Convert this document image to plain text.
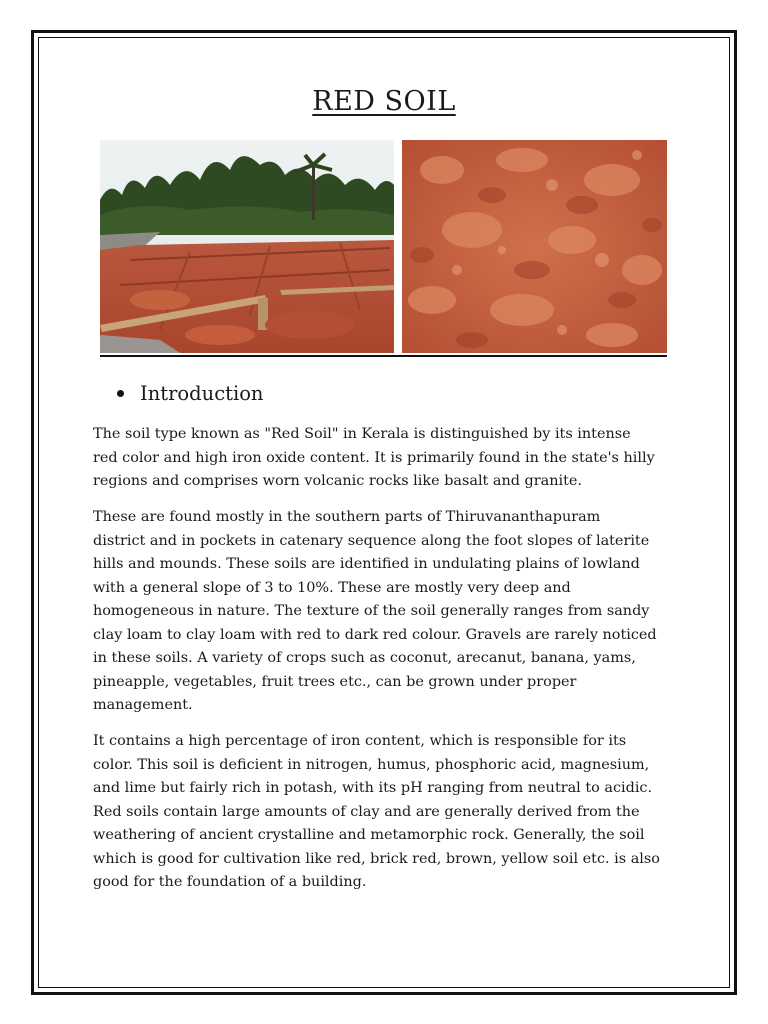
RED SOIL
Introduction

The soil type known as "Red Soil" in Kerala is distinguished by its intense
red color and high iron oxide content. It is primarily found in the state's hilly
regions and comprises worn volcanic rocks like basalt and granite.

These are found mostly in the southern parts of Thiruvananthapuram
district and in pockets in catenary sequence along the foot slopes of laterite
hills and mounds. These soils are identified in undulating plains of lowland
with a general slope of 3 to 10%. These are mostly very deep and
homogeneous in nature. The texture of the soil generally ranges from sandy
clay loam to clay loam with red to dark red colour. Gravels are rarely noticed
in these soils. A variety of crops such as coconut, arecanut, banana, yams,
pineapple, vegetables, fruit trees etc., can be grown under proper
management.

It contains a high percentage of iron content, which is responsible for its
color. This soil is deficient in nitrogen, humus, phosphoric acid, magnesium,
and lime but fairly rich in potash, with its pH ranging from neutral to acidic.
Red soils contain large amounts of clay and are generally derived from the
weathering of ancient crystalline and metamorphic rock. Generally, the soil
which is good for cultivation like red, brick red, brown, yellow soil etc. is also
good for the foundation of a building.
